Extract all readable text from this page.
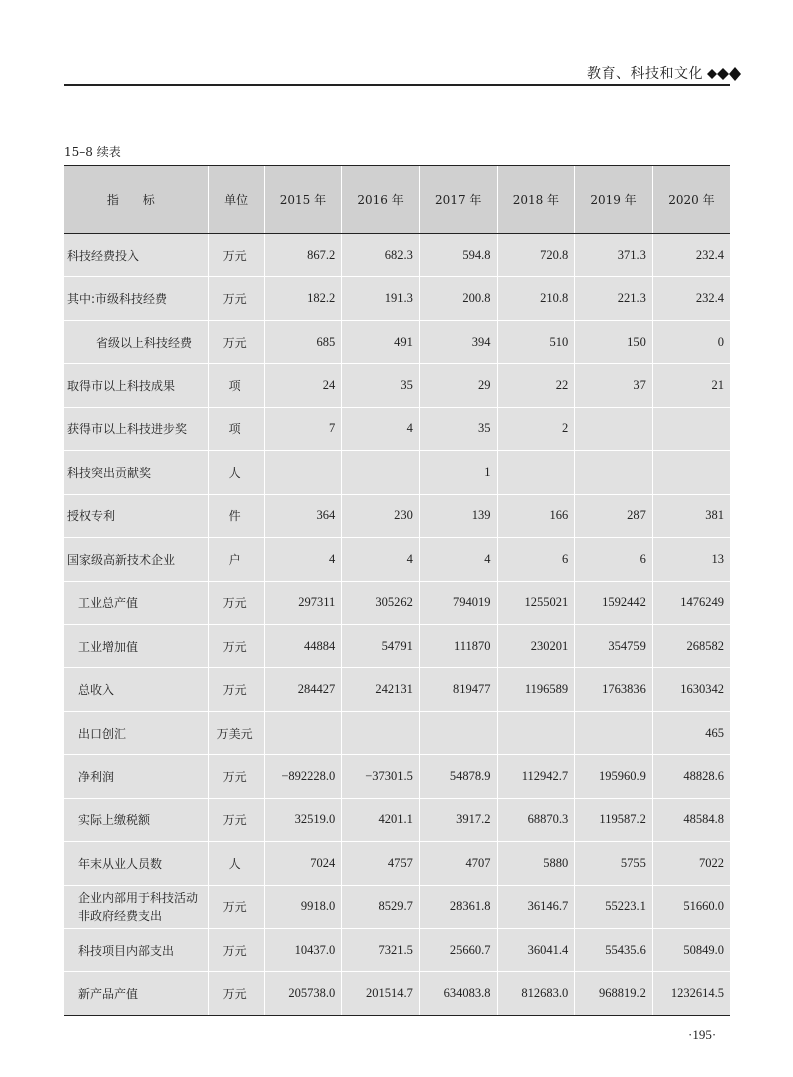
教育、科技和文化
15–8 续表
指 标	单位	2015 年	2016 年	2017 年	2018 年	2019 年	2020 年
科技经费投入	万元	867.2	682.3	594.8	720.8	371.3	232.4
其中:市级科技经费	万元	182.2	191.3	200.8	210.8	221.3	232.4
省级以上科技经费	万元	685	491	394	510	150	0
取得市以上科技成果	项	24	35	29	22	37	21
获得市以上科技进步奖	项	7	4	35	2		
科技突出贡献奖	人			1			
授权专利	件	364	230	139	166	287	381
国家级高新技术企业	户	4	4	4	6	6	13
工业总产值	万元	297311	305262	794019	1255021	1592442	1476249
工业增加值	万元	44884	54791	111870	230201	354759	268582
总收入	万元	284427	242131	819477	1196589	1763836	1630342
出口创汇	万美元						465
净利润	万元	−892228.0	−37301.5	54878.9	112942.7	195960.9	48828.6
实际上缴税额	万元	32519.0	4201.1	3917.2	68870.3	119587.2	48584.8
年末从业人员数	人	7024	4757	4707	5880	5755	7022
企业内部用于科技活动非政府经费支出	万元	9918.0	8529.7	28361.8	36146.7	55223.1	51660.0
科技项目内部支出	万元	10437.0	7321.5	25660.7	36041.4	55435.6	50849.0
新产品产值	万元	205738.0	201514.7	634083.8	812683.0	968819.2	1232614.5
·195·
